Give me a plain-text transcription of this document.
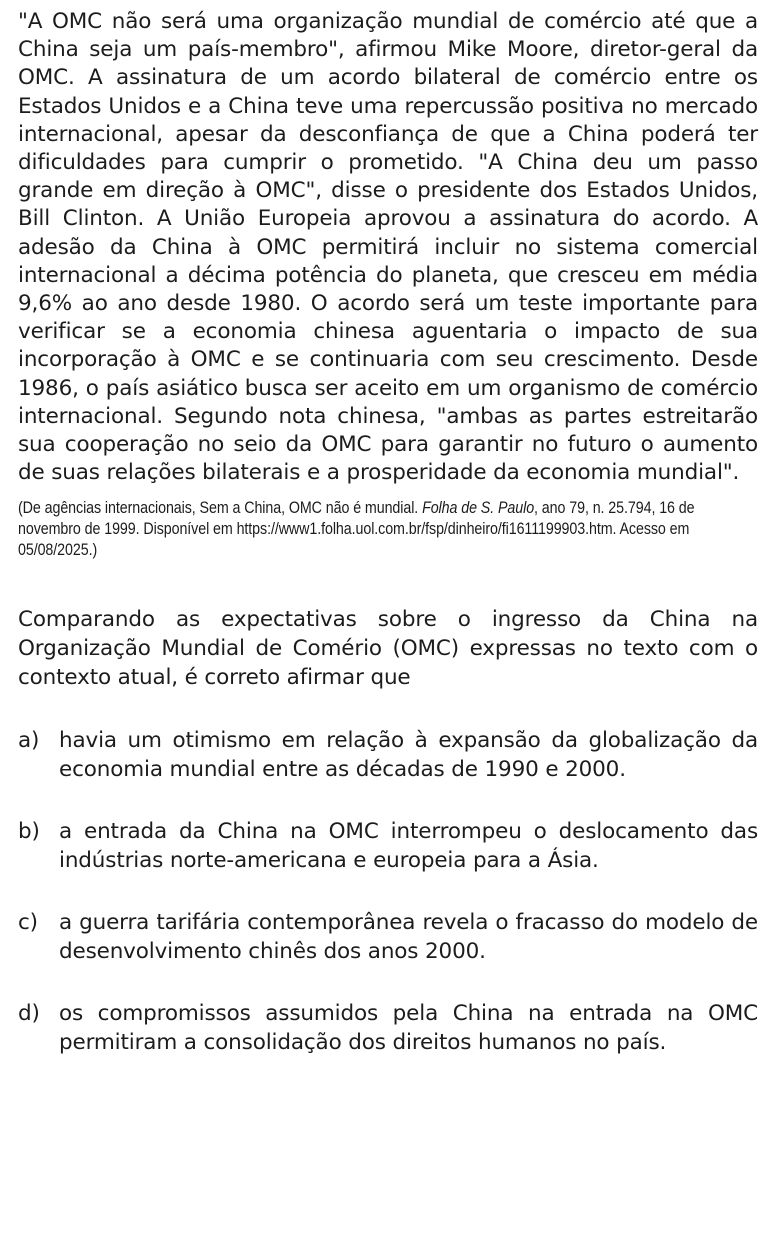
"A OMC não será uma organização mundial de comércio até que a China seja um país-membro", afirmou Mike Moore, diretor-geral da OMC. A assinatura de um acordo bilateral de comércio entre os Estados Unidos e a China teve uma repercussão positiva no mercado internacional, apesar da desconfiança de que a China poderá ter dificuldades para cumprir o prometido. "A China deu um passo grande em direção à OMC", disse o presidente dos Estados Unidos, Bill Clinton. A União Europeia aprovou a assinatura do acordo. A adesão da China à OMC permitirá incluir no sistema comercial internacional a décima potência do planeta, que cresceu em média 9,6% ao ano desde 1980. O acordo será um teste importante para verificar se a economia chinesa aguentaria o impacto de sua incorporação à OMC e se continuaria com seu crescimento. Desde 1986, o país asiático busca ser aceito em um organismo de comércio internacional. Segundo nota chinesa, "ambas as partes estreitarão sua cooperação no seio da OMC para garantir no futuro o aumento de suas relações bilaterais e a prosperidade da economia mundial".

(De agências internacionais, Sem a China, OMC não é mundial. Folha de S. Paulo, ano 79, n. 25.794, 16 de novembro de 1999. Disponível em https://www1.folha.uol.com.br/fsp/dinheiro/fi1611199903.htm. Acesso em 05/08/2025.)

Comparando as expectativas sobre o ingresso da China na Organização Mundial de Comério (OMC) expressas no texto com o contexto atual, é correto afirmar que

a) havia um otimismo em relação à expansão da globalização da economia mundial entre as décadas de 1990 e 2000.
b) a entrada da China na OMC interrompeu o deslocamento das indústrias norte-americana e europeia para a Ásia.
c) a guerra tarifária contemporânea revela o fracasso do modelo de desenvolvimento chinês dos anos 2000.
d) os compromissos assumidos pela China na entrada na OMC permitiram a consolidação dos direitos humanos no país.
